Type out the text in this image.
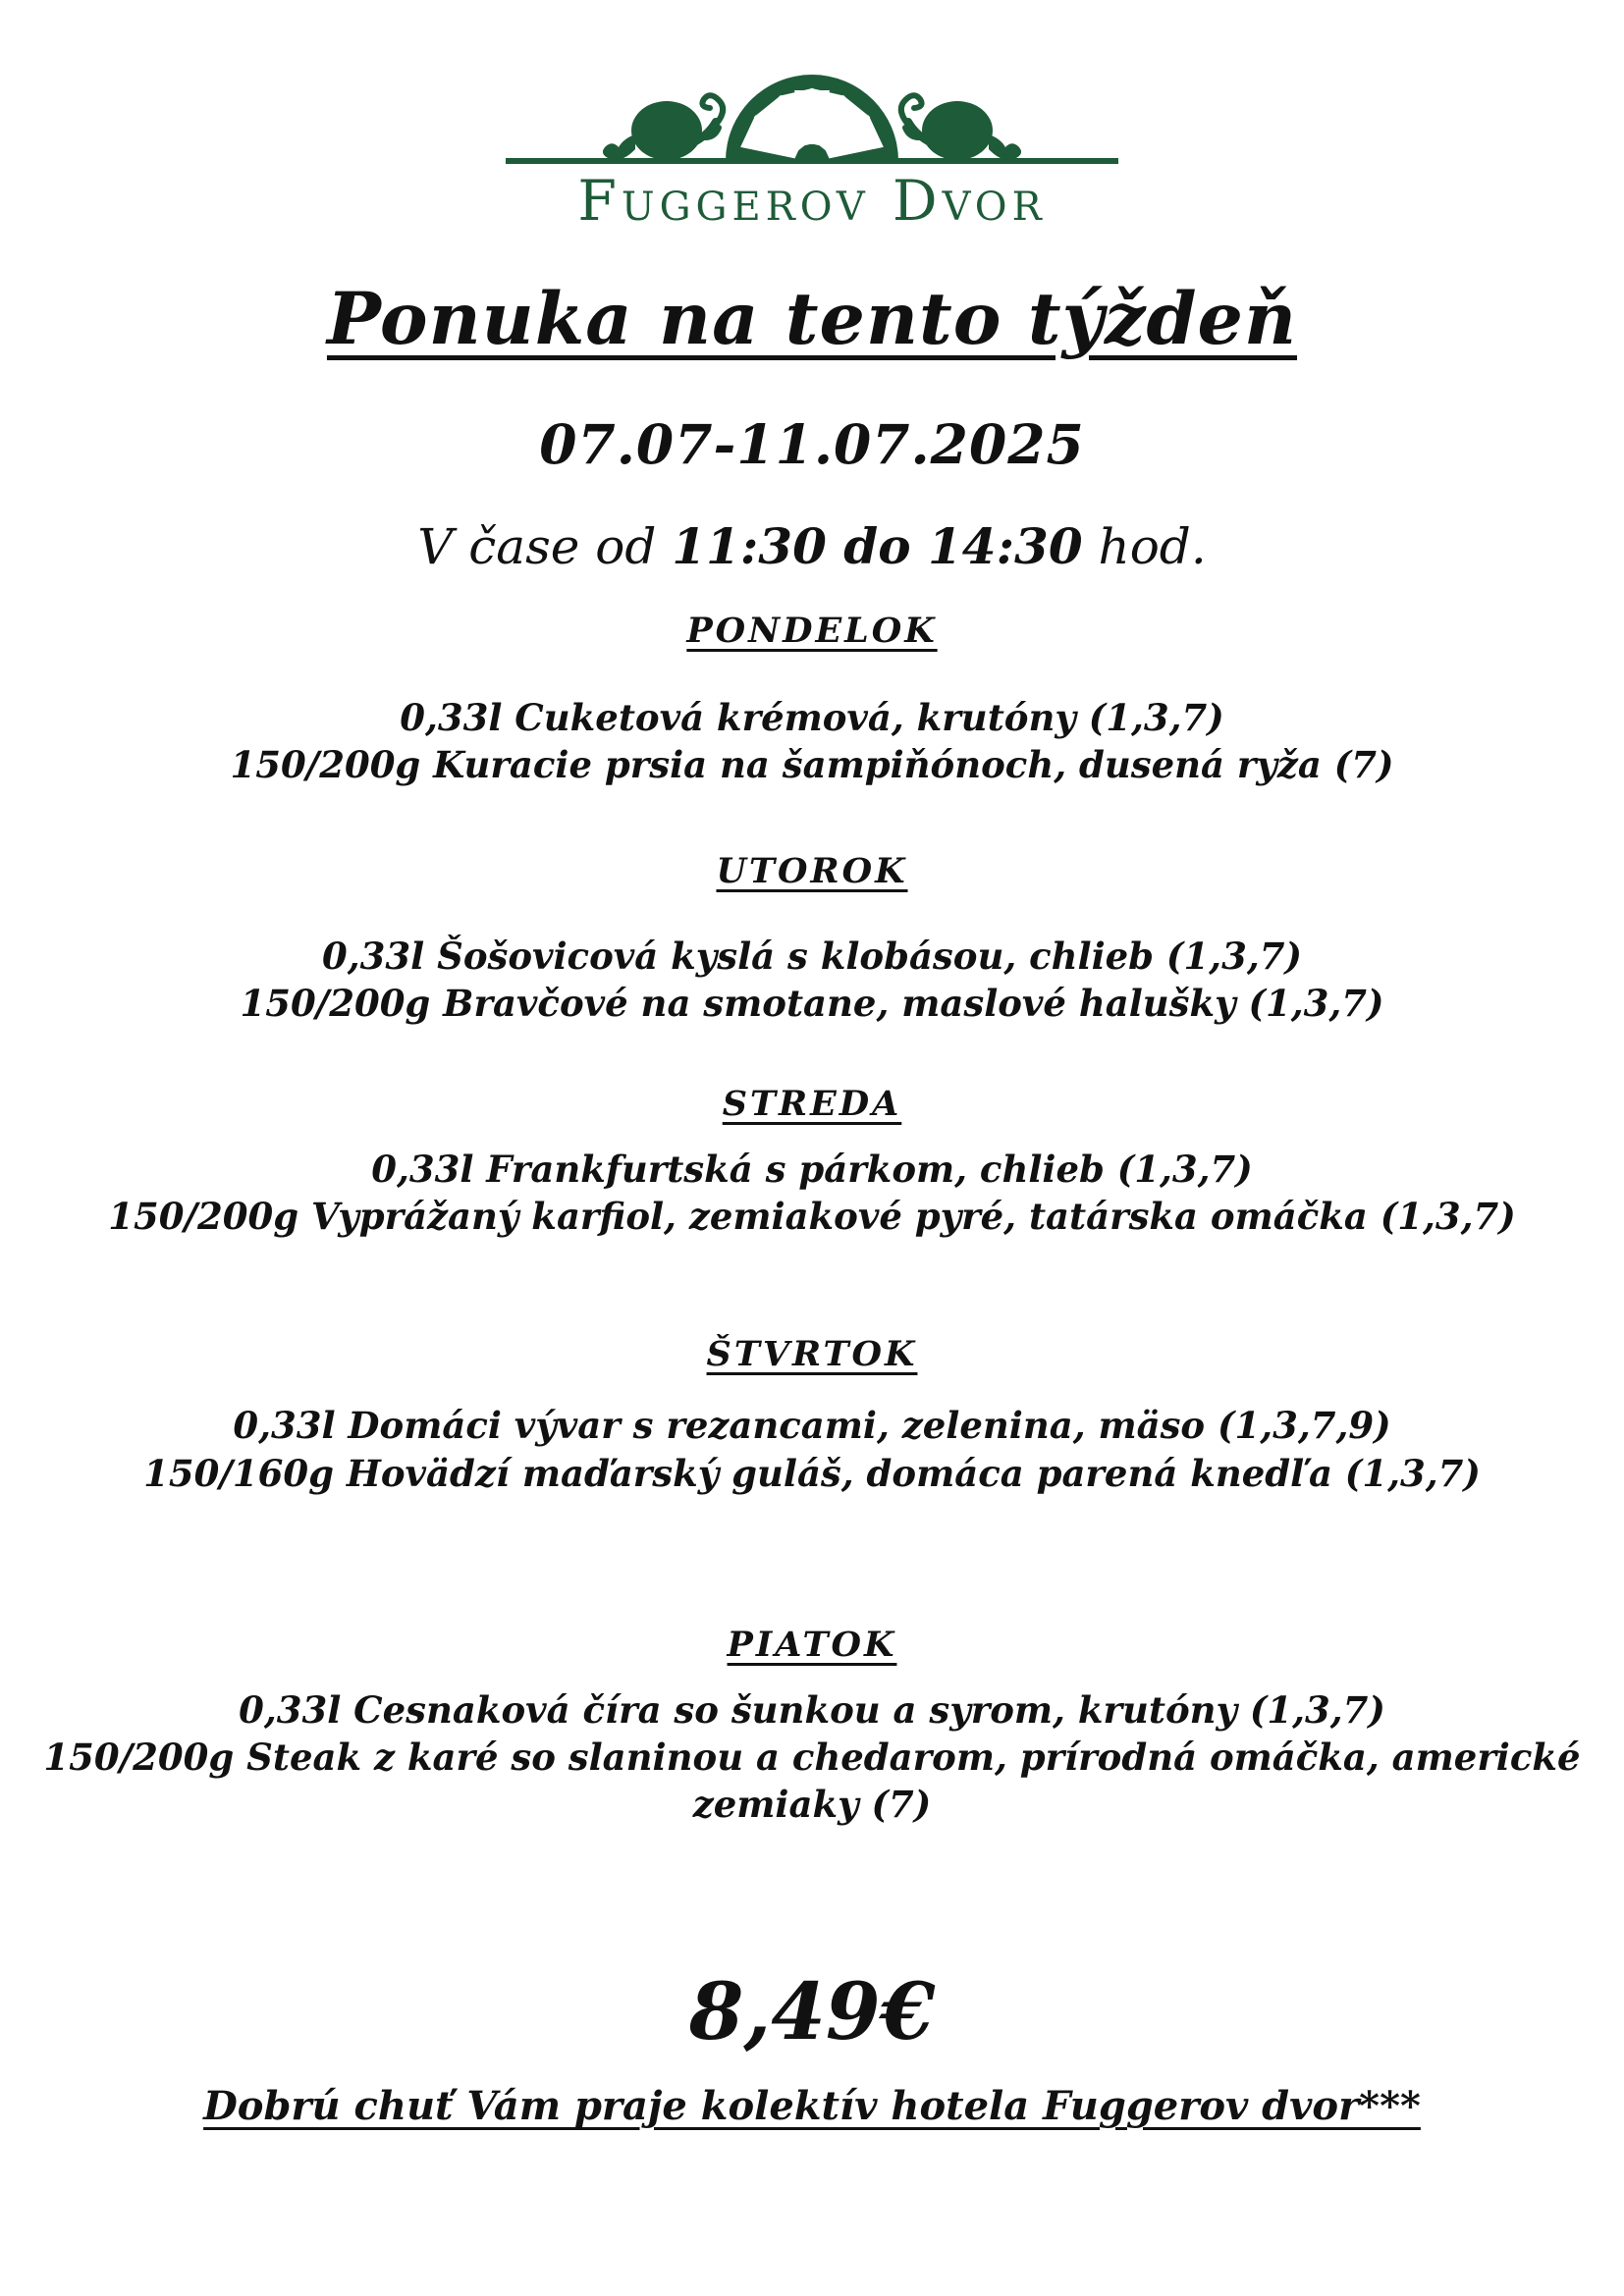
Fuggerov Dvor
Ponuka na tento týždeň
07.07-11.07.2025
V čase od 11:30 do 14:30 hod.
PONDELOK
0,33l Cuketová krémová, krutóny (1,3,7)
150/200g Kuracie prsia na šampiňónoch, dusená ryža (7)
UTOROK
0,33l Šošovicová kyslá s klobásou, chlieb (1,3,7)
150/200g Bravčové na smotane, maslové halušky (1,3,7)
STREDA
0,33l Frankfurtská s párkom, chlieb (1,3,7)
150/200g Vyprážaný karfiol, zemiakové pyré, tatárska omáčka (1,3,7)
ŠTVRTOK
0,33l Domáci vývar s rezancami, zelenina, mäso (1,3,7,9)
150/160g Hovädzí maďarský guláš, domáca parená knedľa (1,3,7)
PIATOK
0,33l Cesnaková číra so šunkou a syrom, krutóny (1,3,7)
150/200g Steak z karé so slaninou a chedarom, prírodná omáčka, americké zemiaky (7)
8,49€
Dobrú chuť Vám praje kolektív hotela Fuggerov dvor***
